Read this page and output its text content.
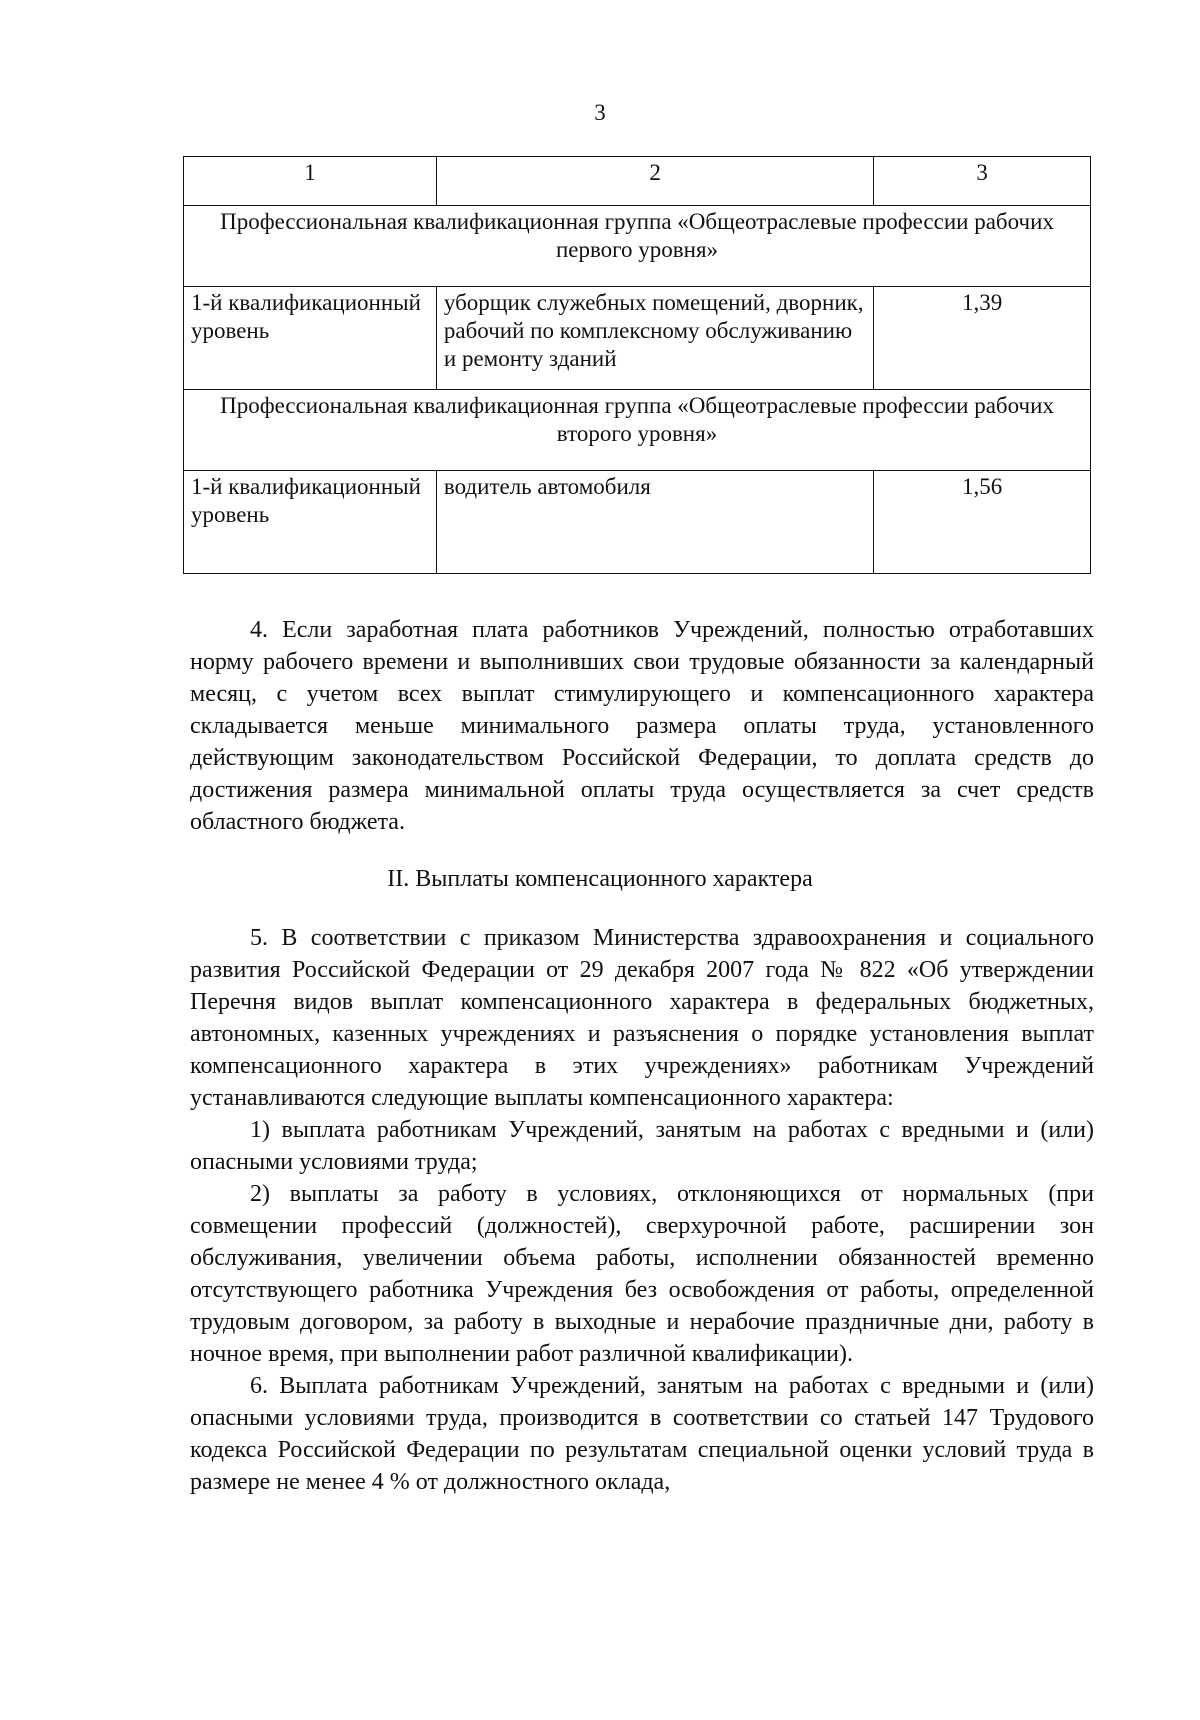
3
1	2	3
Профессиональная квалификационная группа «Общеотраслевые профессии рабочих первого уровня»		
1-й квалификационный уровень	уборщик служебных помещений, дворник, рабочий по комплексному обслуживанию и ремонту зданий	1,39
Профессиональная квалификационная группа «Общеотраслевые профессии рабочих второго уровня»		
1-й квалификационный уровень	водитель автомобиля	1,56

4. Если заработная плата работников Учреждений, полностью отработавших норму рабочего времени и выполнивших свои трудовые обязанности за календарный месяц, с учетом всех выплат стимулирующего и компенсационного характера складывается меньше минимального размера оплаты труда, установленного действующим законодательством Российской Федерации, то доплата средств до достижения размера минимальной оплаты труда осуществляется за счет средств областного бюджета.

II. Выплаты компенсационного характера

5. В соответствии с приказом Министерства здравоохранения и социального развития Российской Федерации от 29 декабря 2007 года № 822 «Об утверждении Перечня видов выплат компенсационного характера в федеральных бюджетных, автономных, казенных учреждениях и разъяснения о порядке установления выплат компенсационного характера в этих учреждениях» работникам Учреждений устанавливаются следующие выплаты компенсационного характера:

1) выплата работникам Учреждений, занятым на работах с вредными и (или) опасными условиями труда;

2) выплаты за работу в условиях, отклоняющихся от нормальных (при совмещении профессий (должностей), сверхурочной работе, расширении зон обслуживания, увеличении объема работы, исполнении обязанностей временно отсутствующего работника Учреждения без освобождения от работы, определенной трудовым договором, за работу в выходные и нерабочие праздничные дни, работу в ночное время, при выполнении работ различной квалификации).

6. Выплата работникам Учреждений, занятым на работах с вредными и (или) опасными условиями труда, производится в соответствии со статьей 147 Трудового кодекса Российской Федерации по результатам специальной оценки условий труда в размере не менее 4 % от должностного оклада,
